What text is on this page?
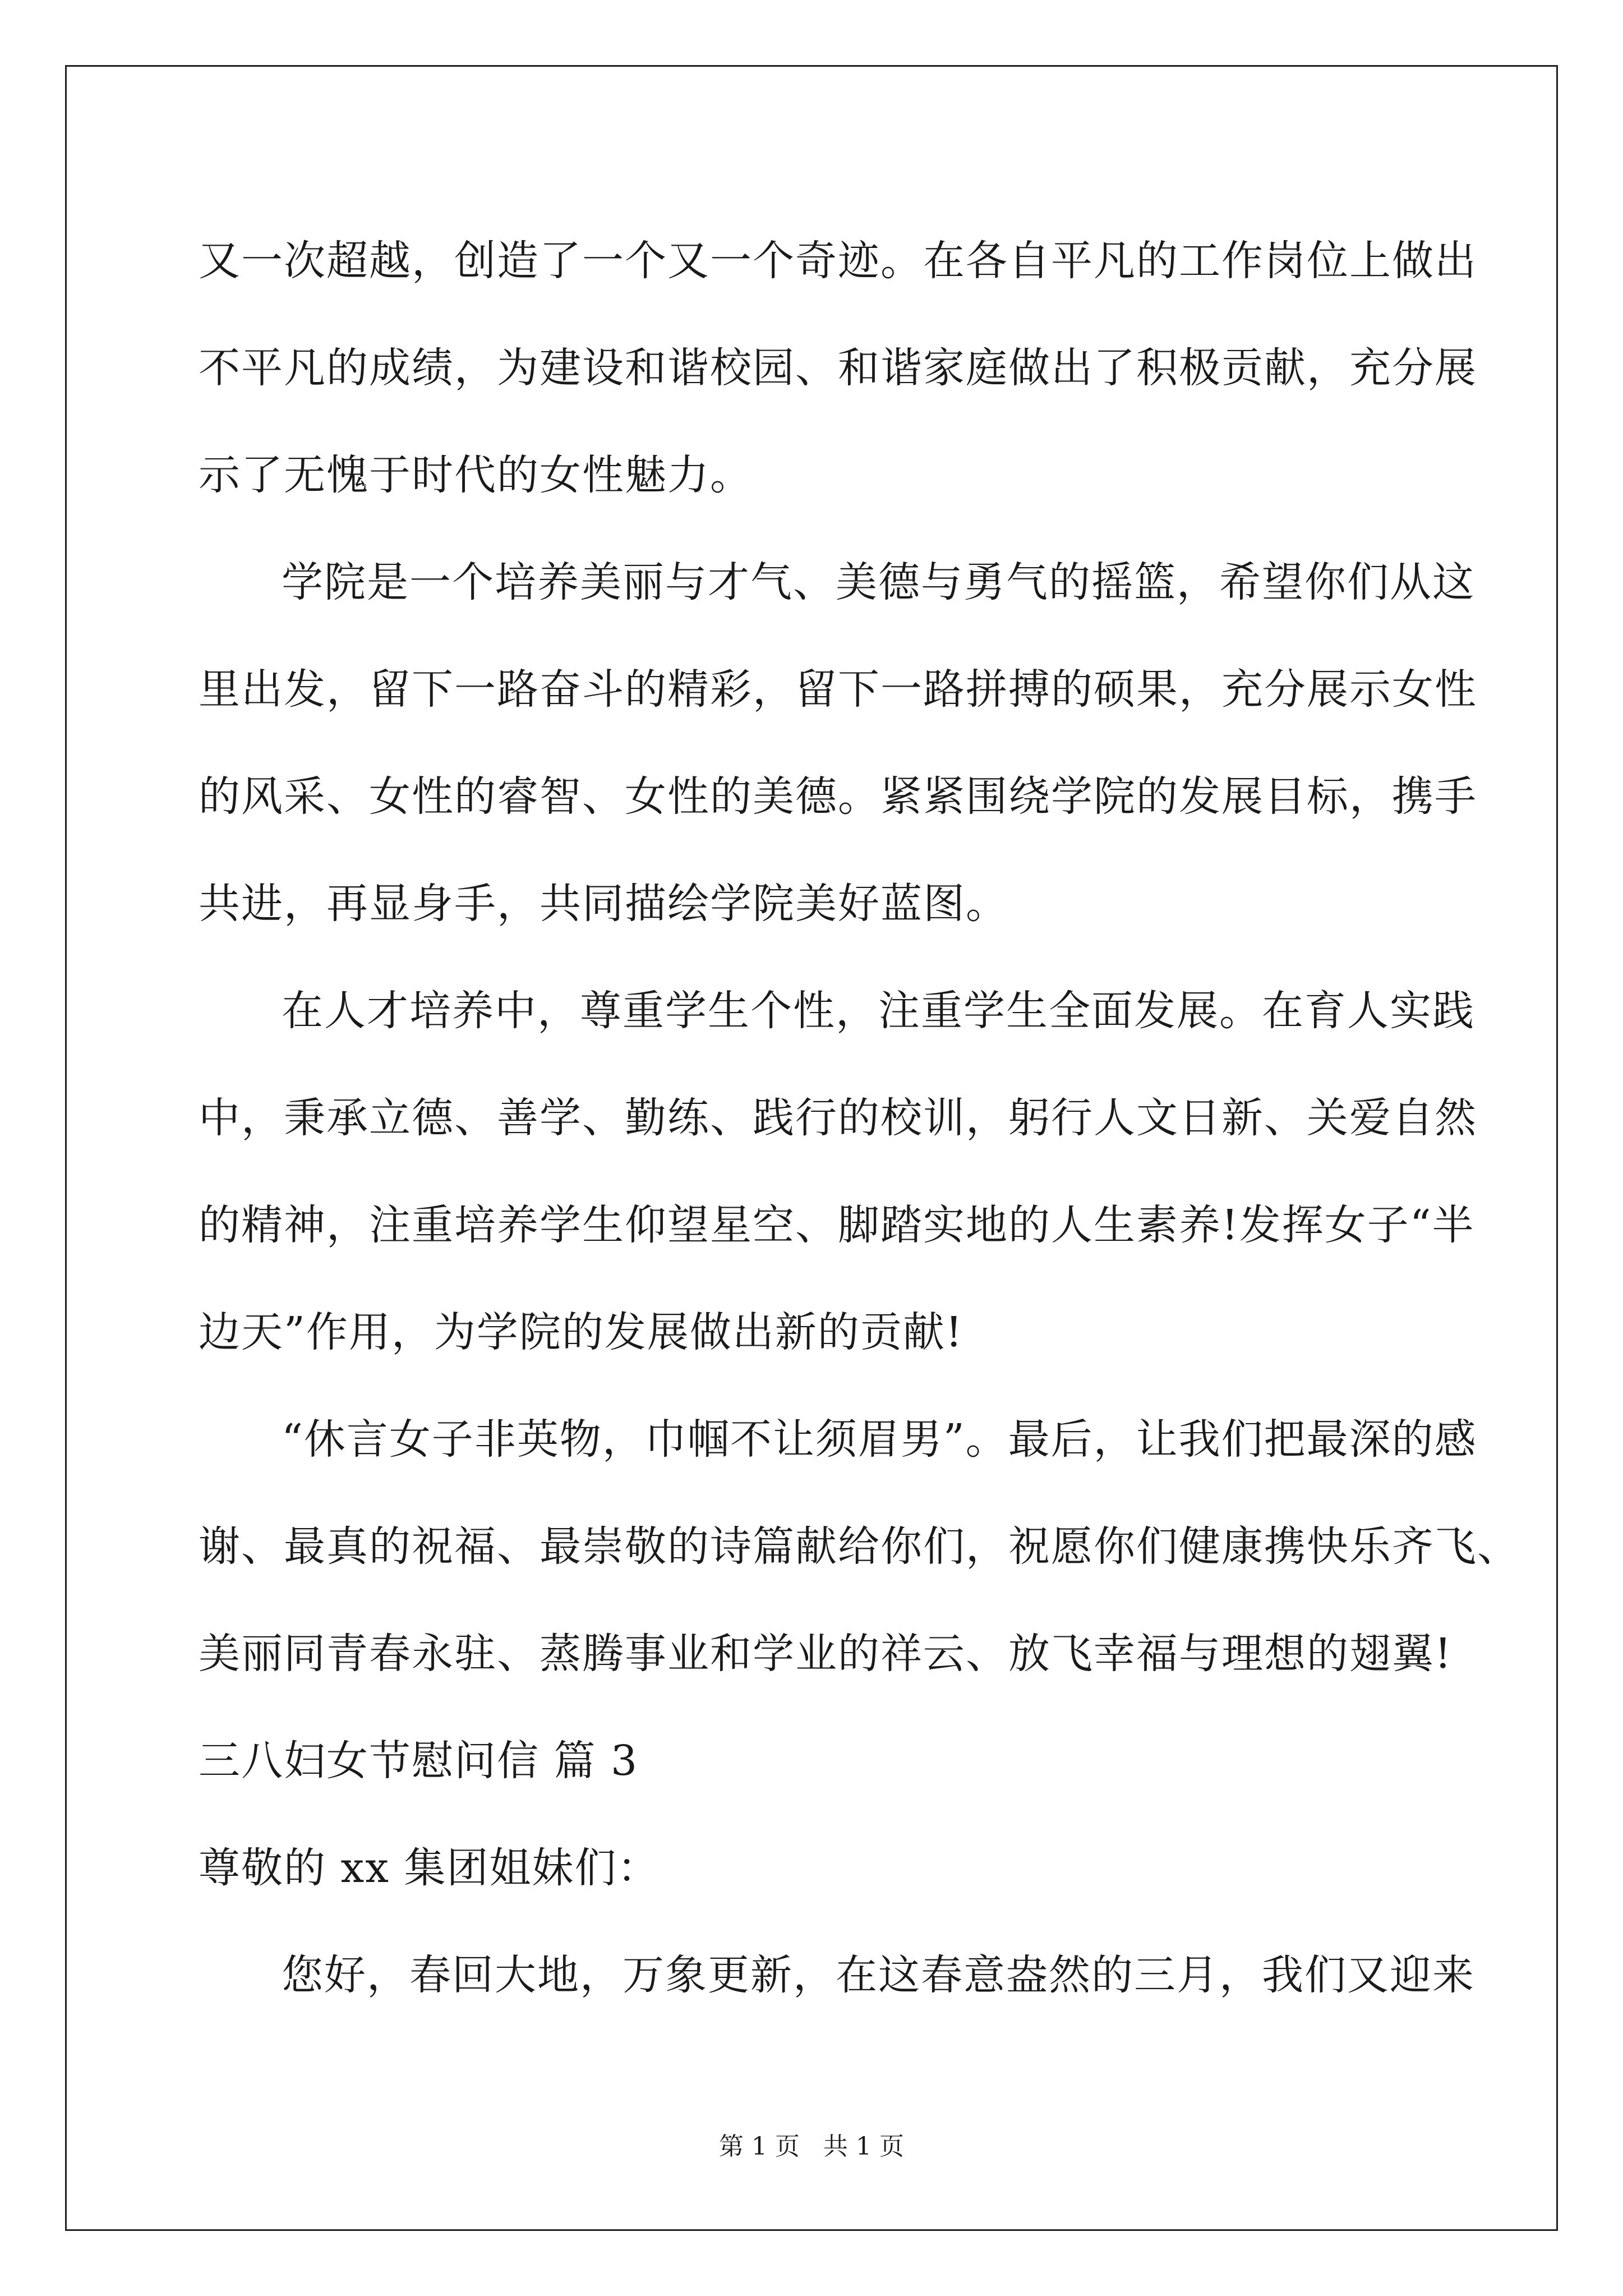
又一次超越，创造了一个又一个奇迹。在各自平凡的工作岗位上做出
不平凡的成绩，为建设和谐校园、和谐家庭做出了积极贡献，充分展
示了无愧于时代的女性魅力。
学院是一个培养美丽与才气、美德与勇气的摇篮，希望你们从这
里出发，留下一路奋斗的精彩，留下一路拼搏的硕果，充分展示女性
的风采、女性的睿智、女性的美德。紧紧围绕学院的发展目标，携手
共进，再显身手，共同描绘学院美好蓝图。
在人才培养中，尊重学生个性，注重学生全面发展。在育人实践
中，秉承立德、善学、勤练、践行的校训，躬行人文日新、关爱自然
的精神，注重培养学生仰望星空、脚踏实地的人生素养!发挥女子“半
边天”作用，为学院的发展做出新的贡献!
“休言女子非英物，巾帼不让须眉男”。最后，让我们把最深的感
谢、最真的祝福、最崇敬的诗篇献给你们，祝愿你们健康携快乐齐飞、
美丽同青春永驻、蒸腾事业和学业的祥云、放飞幸福与理想的翅翼!
三八妇女节慰问信 篇 3
尊敬的 xx 集团姐妹们：
您好，春回大地，万象更新，在这春意盎然的三月，我们又迎来
第 1 页   共 1 页
